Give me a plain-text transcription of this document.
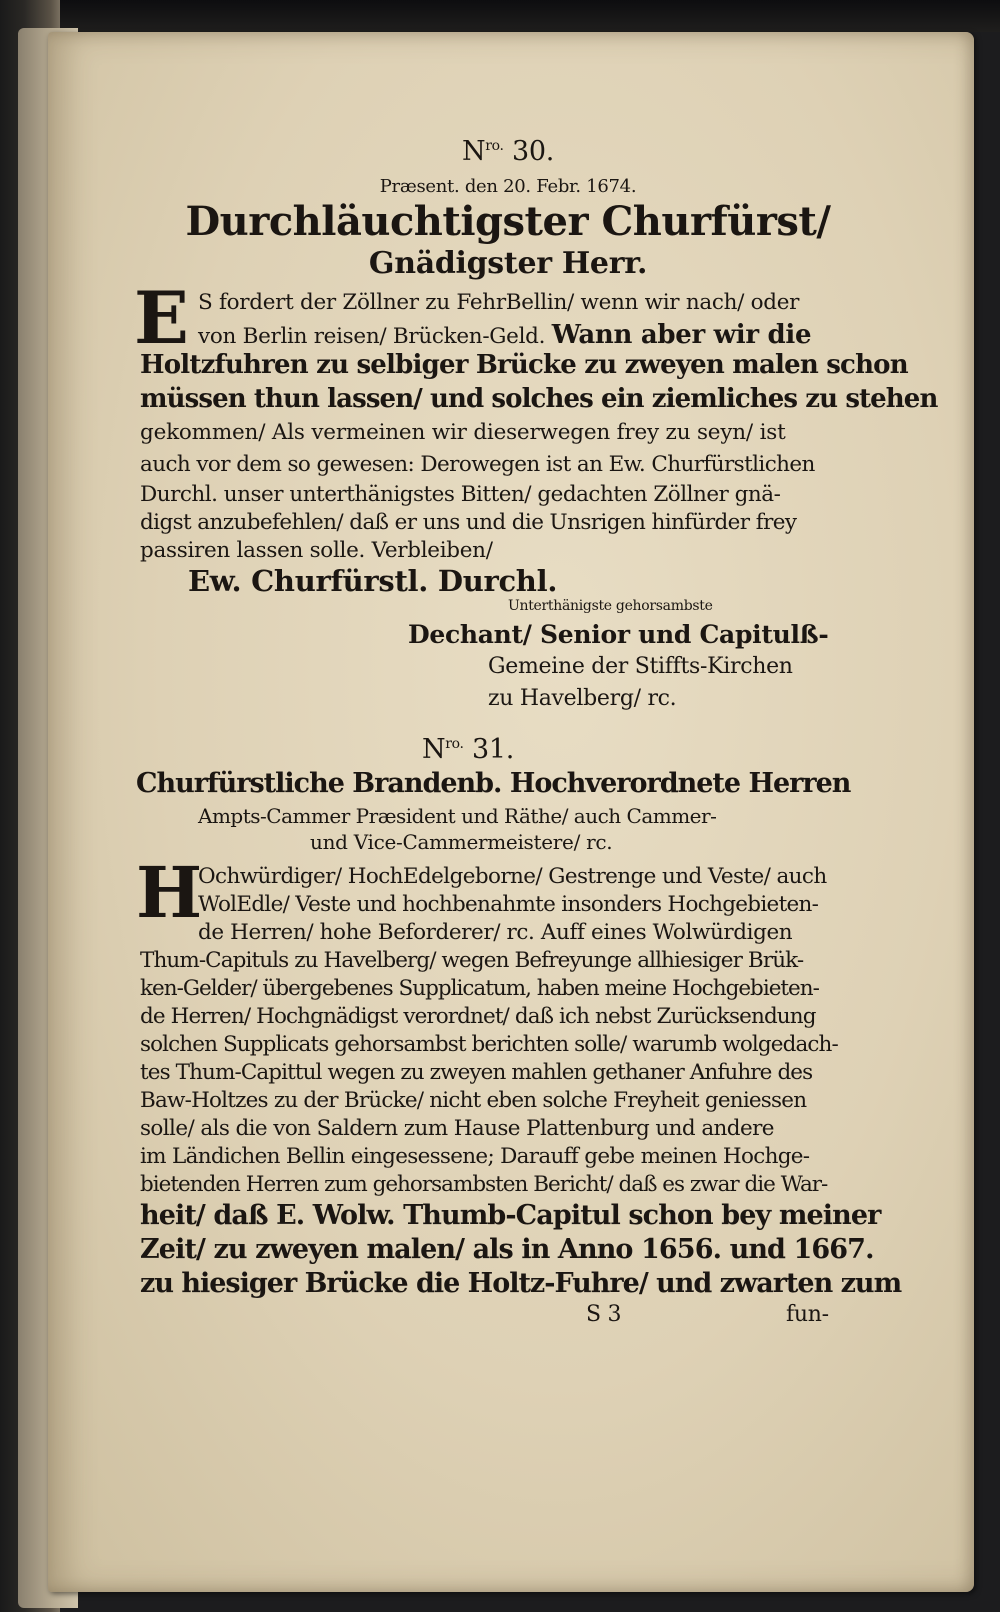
$N^{ro.}$ 30.
Præsent. den 20. Febr. 1674.
Durchläuchtigster Churfürst/
Gnädigster Herr.
E S fordert der Zöllner zu FehrBellin/ wenn wir nach/ oder
von Berlin reisen/ Brücken-Geld. Wann aber wir die
Holtzfuhren zu selbiger Brücke zu zweyen malen schon
müssen thun lassen/ und solches ein ziemliches zu stehen
gekommen/ Als vermeinen wir dieserwegen frey zu seyn/ ist
auch vor dem so gewesen: Derowegen ist an Ew. Churfürstlichen
Durchl. unser unterthänigstes Bitten/ gedachten Zöllner gnä-
digst anzubefehlen/ daß er uns und die Unsrigen hinfürder frey
passiren lassen solle. Verbleiben/
Ew. Churfürstl. Durchl.
Unterthänigste gehorsambste
Dechant/ Senior und Capitulß-
Gemeine der Stiffts-Kirchen
zu Havelberg/ rc.
$N^{ro.}$ 31.
Churfürstliche Brandenb. Hochverordnete Herren
Ampts-Cammer Præsident und Räthe/ auch Cammer-
und Vice-Cammermeistere/ rc.
H
Ochwürdiger/ HochEdelgeborne/ Gestrenge und Veste/ auch
WolEdle/ Veste und hochbenahmte insonders Hochgebieten-
de Herren/ hohe Beforderer/ rc. Auff eines Wolwürdigen
Thum-Capituls zu Havelberg/ wegen Befreyunge allhiesiger Brük-
ken-Gelder/ übergebenes Supplicatum, haben meine Hochgebieten-
de Herren/ Hochgnädigst verordnet/ daß ich nebst Zurücksendung
solchen Supplicats gehorsambst berichten solle/ warumb wolgedach-
tes Thum-Capittul wegen zu zweyen mahlen gethaner Anfuhre des
Baw-Holtzes zu der Brücke/ nicht eben solche Freyheit geniessen
solle/ als die von Saldern zum Hause Plattenburg und andere
im Ländichen Bellin eingesessene; Darauff gebe meinen Hochge-
bietenden Herren zum gehorsambsten Bericht/ daß es zwar die War-
heit/ daß E. Wolw. Thumb-Capitul schon bey meiner
Zeit/ zu zweyen malen/ als in Anno 1656. und 1667.
zu hiesiger Brücke die Holtz-Fuhre/ und zwarten zum
S 3	fun-
